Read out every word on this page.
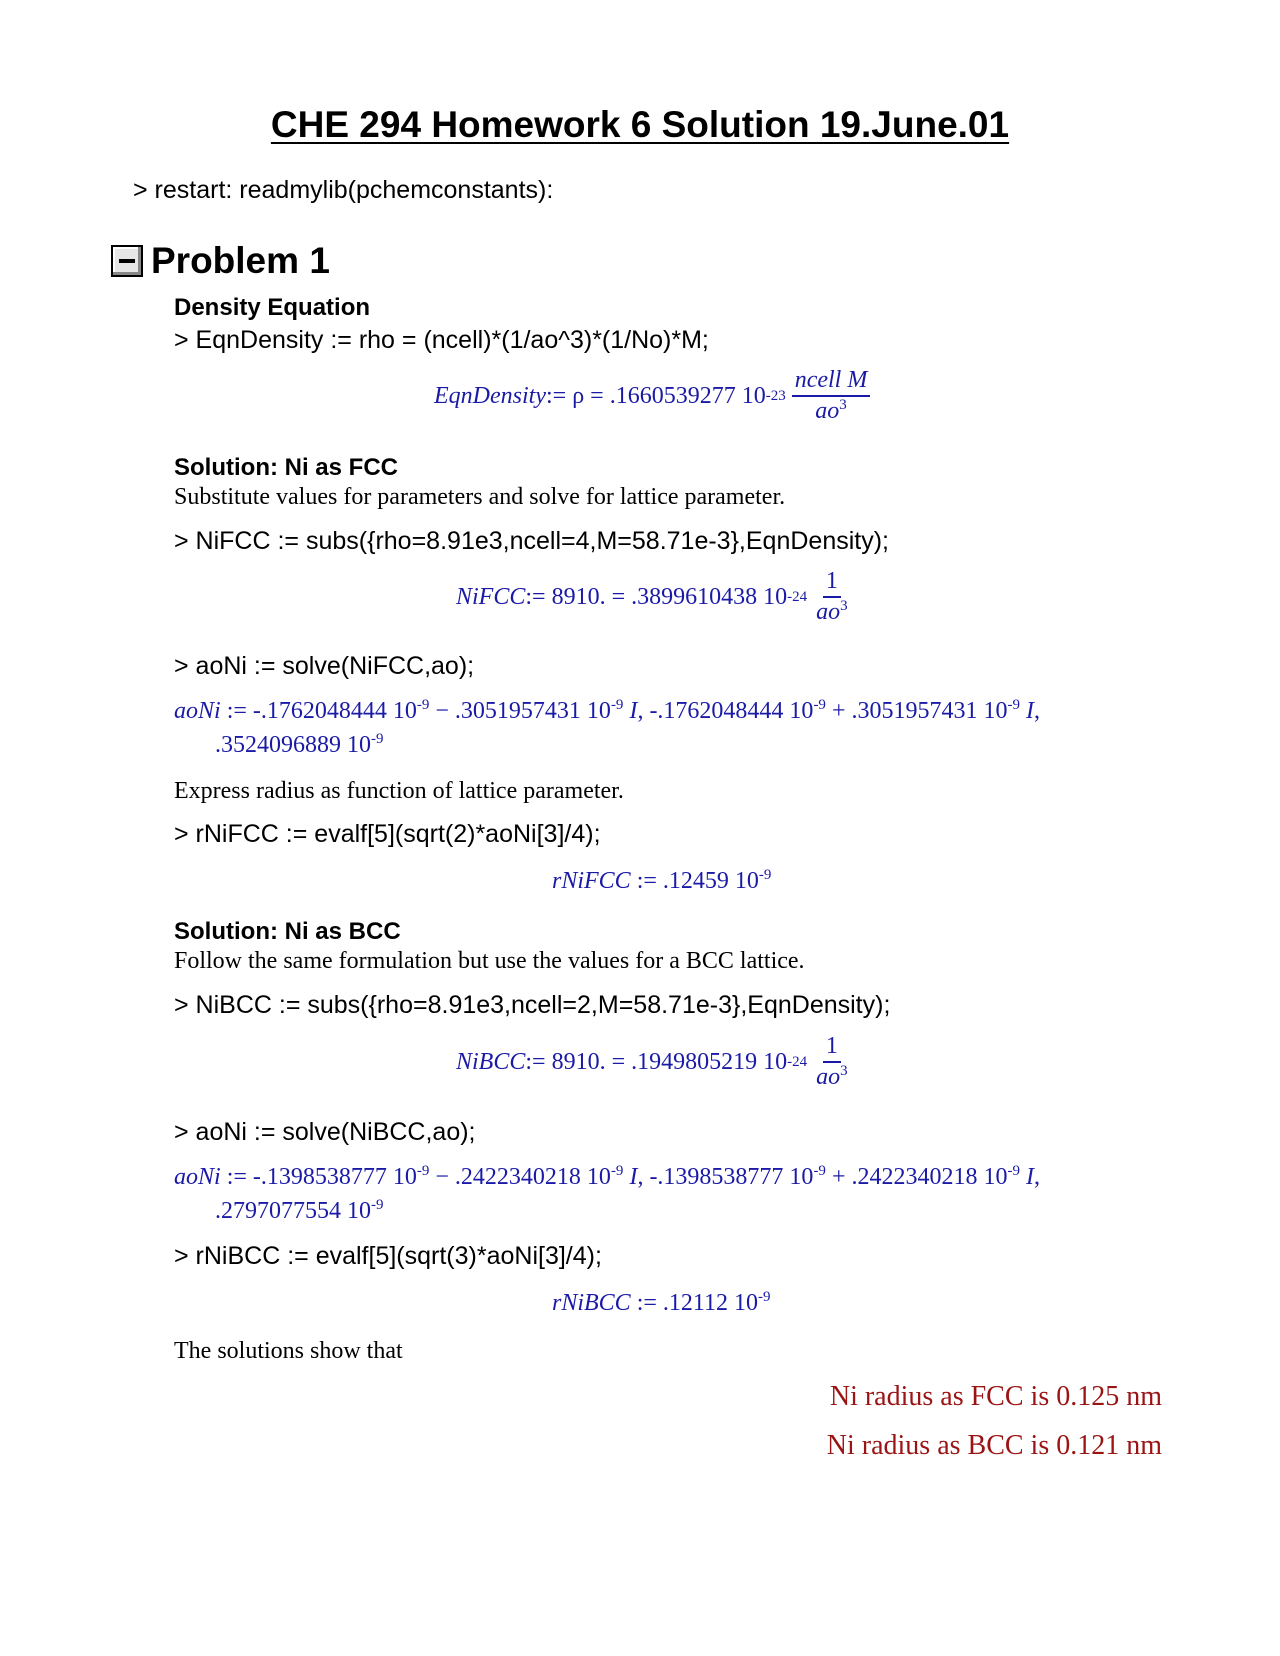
CHE 294 Homework 6 Solution 19.June.01
> restart: readmylib(pchemconstants):
Problem 1
Density Equation
> EqnDensity := rho = (ncell)*(1/ao^3)*(1/No)*M;
EqnDensity := ρ = .1660539277 10 $-23 \frac{\text{ncell M}}{ao^3}$
Solution: Ni as FCC
Substitute values for parameters and solve for lattice parameter.
> NiFCC := subs({rho=8.91e3,ncell=4,M=58.71e-3},EqnDensity);
NiFCC := 8910. = .3899610438 10 $-24 \frac{1}{ao^3}$
> aoNi := solve(NiFCC,ao);
aoNi := -.1762048444 $10^{-9} - .3051957431$ $10^{-9}$ I, -.1762048444 $10^{-9} + .3051957431$ $10^{-9}$ I,
.3524096889 $10^{-9}$
Express radius as function of lattice parameter.
> rNiFCC := evalf[5](sqrt(2)*aoNi[3]/4);
rNiFCC := .12459 $10^{-9}$
Solution: Ni as BCC
Follow the same formulation but use the values for a BCC lattice.
> NiBCC := subs({rho=8.91e3,ncell=2,M=58.71e-3},EqnDensity);
NiBCC := 8910. = .1949805219 10 $-24 \frac{1}{ao^3}$
> aoNi := solve(NiBCC,ao);
aoNi := -.1398538777 $10^{-9} - .2422340218$ $10^{-9}$ I, -.1398538777 $10^{-9} + .2422340218$ $10^{-9}$ I,
.2797077554 $10^{-9}$
> rNiBCC := evalf[5](sqrt(3)*aoNi[3]/4);
rNiBCC := .12112 $10^{-9}$
The solutions show that
Ni radius as FCC is 0.125 nm
Ni radius as BCC is 0.121 nm
